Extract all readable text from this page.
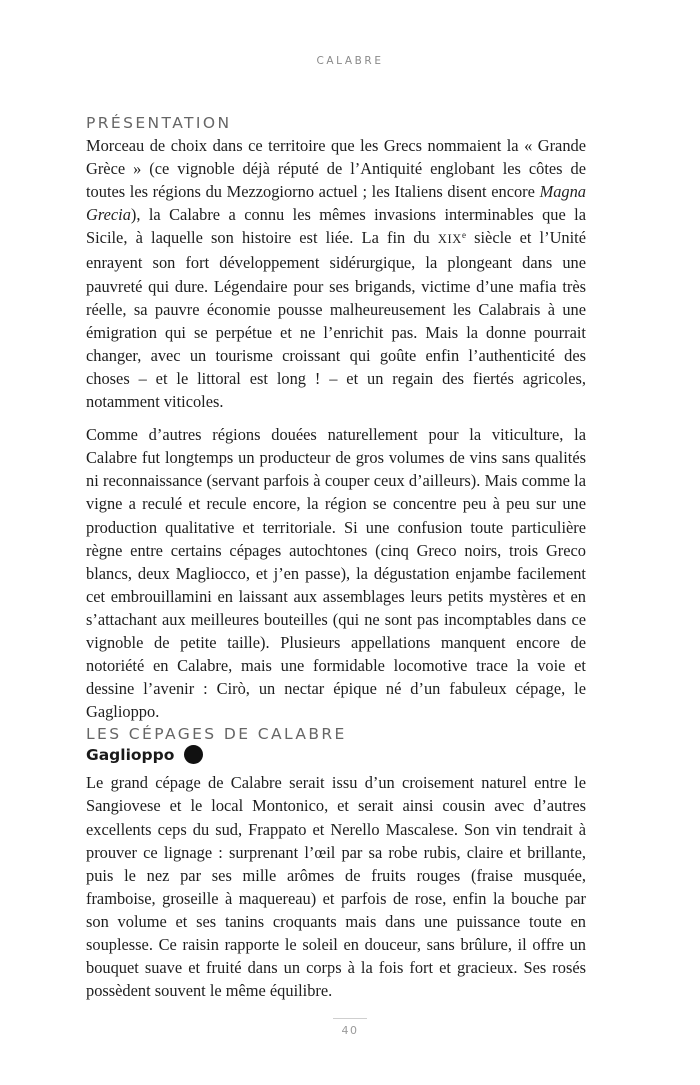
CALABRE
PRÉSENTATION

Morceau de choix dans ce territoire que les Grecs nommaient la « Grande Grèce » (ce vignoble déjà réputé de l’Antiquité englobant les côtes de toutes les régions du Mezzogiorno actuel ; les Italiens disent encore Magna Grecia), la Calabre a connu les mêmes invasions interminables que la Sicile, à laquelle son histoire est liée. La fin du XIXe siècle et l’Unité enrayent son fort développement sidérurgique, la plongeant dans une pauvreté qui dure. Légendaire pour ses brigands, victime d’une mafia très réelle, sa pauvre économie pousse malheureusement les Calabrais à une émigration qui se perpétue et ne l’enrichit pas. Mais la donne pourrait changer, avec un tourisme croissant qui goûte enfin l’authenticité des choses – et le littoral est long ! – et un regain des fiertés agricoles, notamment viticoles.

Comme d’autres régions douées naturellement pour la viticulture, la Calabre fut longtemps un producteur de gros volumes de vins sans qualités ni reconnaissance (servant parfois à couper ceux d’ailleurs). Mais comme la vigne a reculé et recule encore, la région se concentre peu à peu sur une production qualitative et territoriale. Si une confusion toute particulière règne entre certains cépages autochtones (cinq Greco noirs, trois Greco blancs, deux Magliocco, et j’en passe), la dégustation enjambe facilement cet embrouillamini en laissant aux assemblages leurs petits mystères et en s’attachant aux meilleures bouteilles (qui ne sont pas incomptables dans ce vignoble de petite taille). Plusieurs appellations manquent encore de notoriété en Calabre, mais une formidable locomotive trace la voie et dessine l’avenir : Cirò, un nectar épique né d’un fabuleux cépage, le Gaglioppo.

LES CÉPAGES DE CALABRE
Gaglioppo

Le grand cépage de Calabre serait issu d’un croisement naturel entre le Sangiovese et le local Montonico, et serait ainsi cousin avec d’autres excellents ceps du sud, Frappato et Nerello Mascalese. Son vin tendrait à prouver ce lignage : surprenant l’œil par sa robe rubis, claire et brillante, puis le nez par ses mille arômes de fruits rouges (fraise musquée, framboise, groseille à maquereau) et parfois de rose, enfin la bouche par son volume et ses tanins croquants mais dans une puissance toute en souplesse. Ce raisin rapporte le soleil en douceur, sans brûlure, il offre un bouquet suave et fruité dans un corps à la fois fort et gracieux. Ses rosés possèdent souvent le même équilibre.

40
